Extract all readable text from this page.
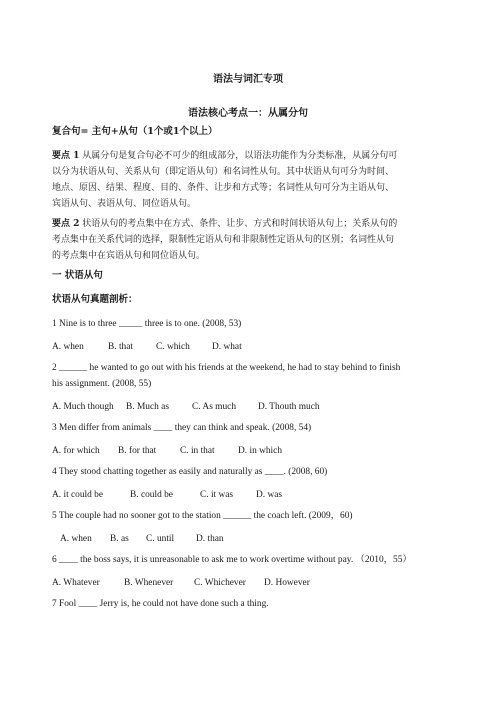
语法与词汇专项
语法核心考点一：从属分句
复合句= 主句+从句（1个或1个以上）
要点 1 从属分句是复合句必不可少的组成部分，以语法功能作为分类标准，从属分句可
以分为状语从句、关系从句（即定语从句）和名词性从句。其中状语从句可分为时间、
地点、原因、结果、程度、目的、条件、让步和方式等；名词性从句可分为主语从句、
宾语从句、表语从句、同位语从句。
要点 2 状语从句的考点集中在方式、条件、让步、方式和时间状语从句上；关系从句的
考点集中在关系代词的选择，限制性定语从句和非限制性定语从句的区别；名词性从句
的考点集中在宾语从句和同位语从句。
一 状语从句
状语从句真题剖析：
1 Nine is to three _____ three is to one. (2008, 53)
A. when	B. that C. which D. what
2 ______ he wanted to go out with his friends at the weekend, he had to stay behind to finish
his assignment. (2008, 55)
A. Much though B. Much as C. As much D. Thouth much
3 Men differ from animals ____ they can think and speak. (2008, 54)
A. for which B. for that	C. in that D. in which
4 They stood chatting together as easily and naturally as ____. (2008, 60)
A. it could be	B. could be	C. it was D. was
5 The couple had no sooner got to the station ______ the coach left. (2009，60)
A. when B. as C. until D. than
6 ____ the boss says, it is unreasonable to ask me to work overtime without pay. （2010，55）
A. Whatever	B. Whenever C. Whichever D. However
7 Fool ____ Jerry is, he could not have done such a thing.
